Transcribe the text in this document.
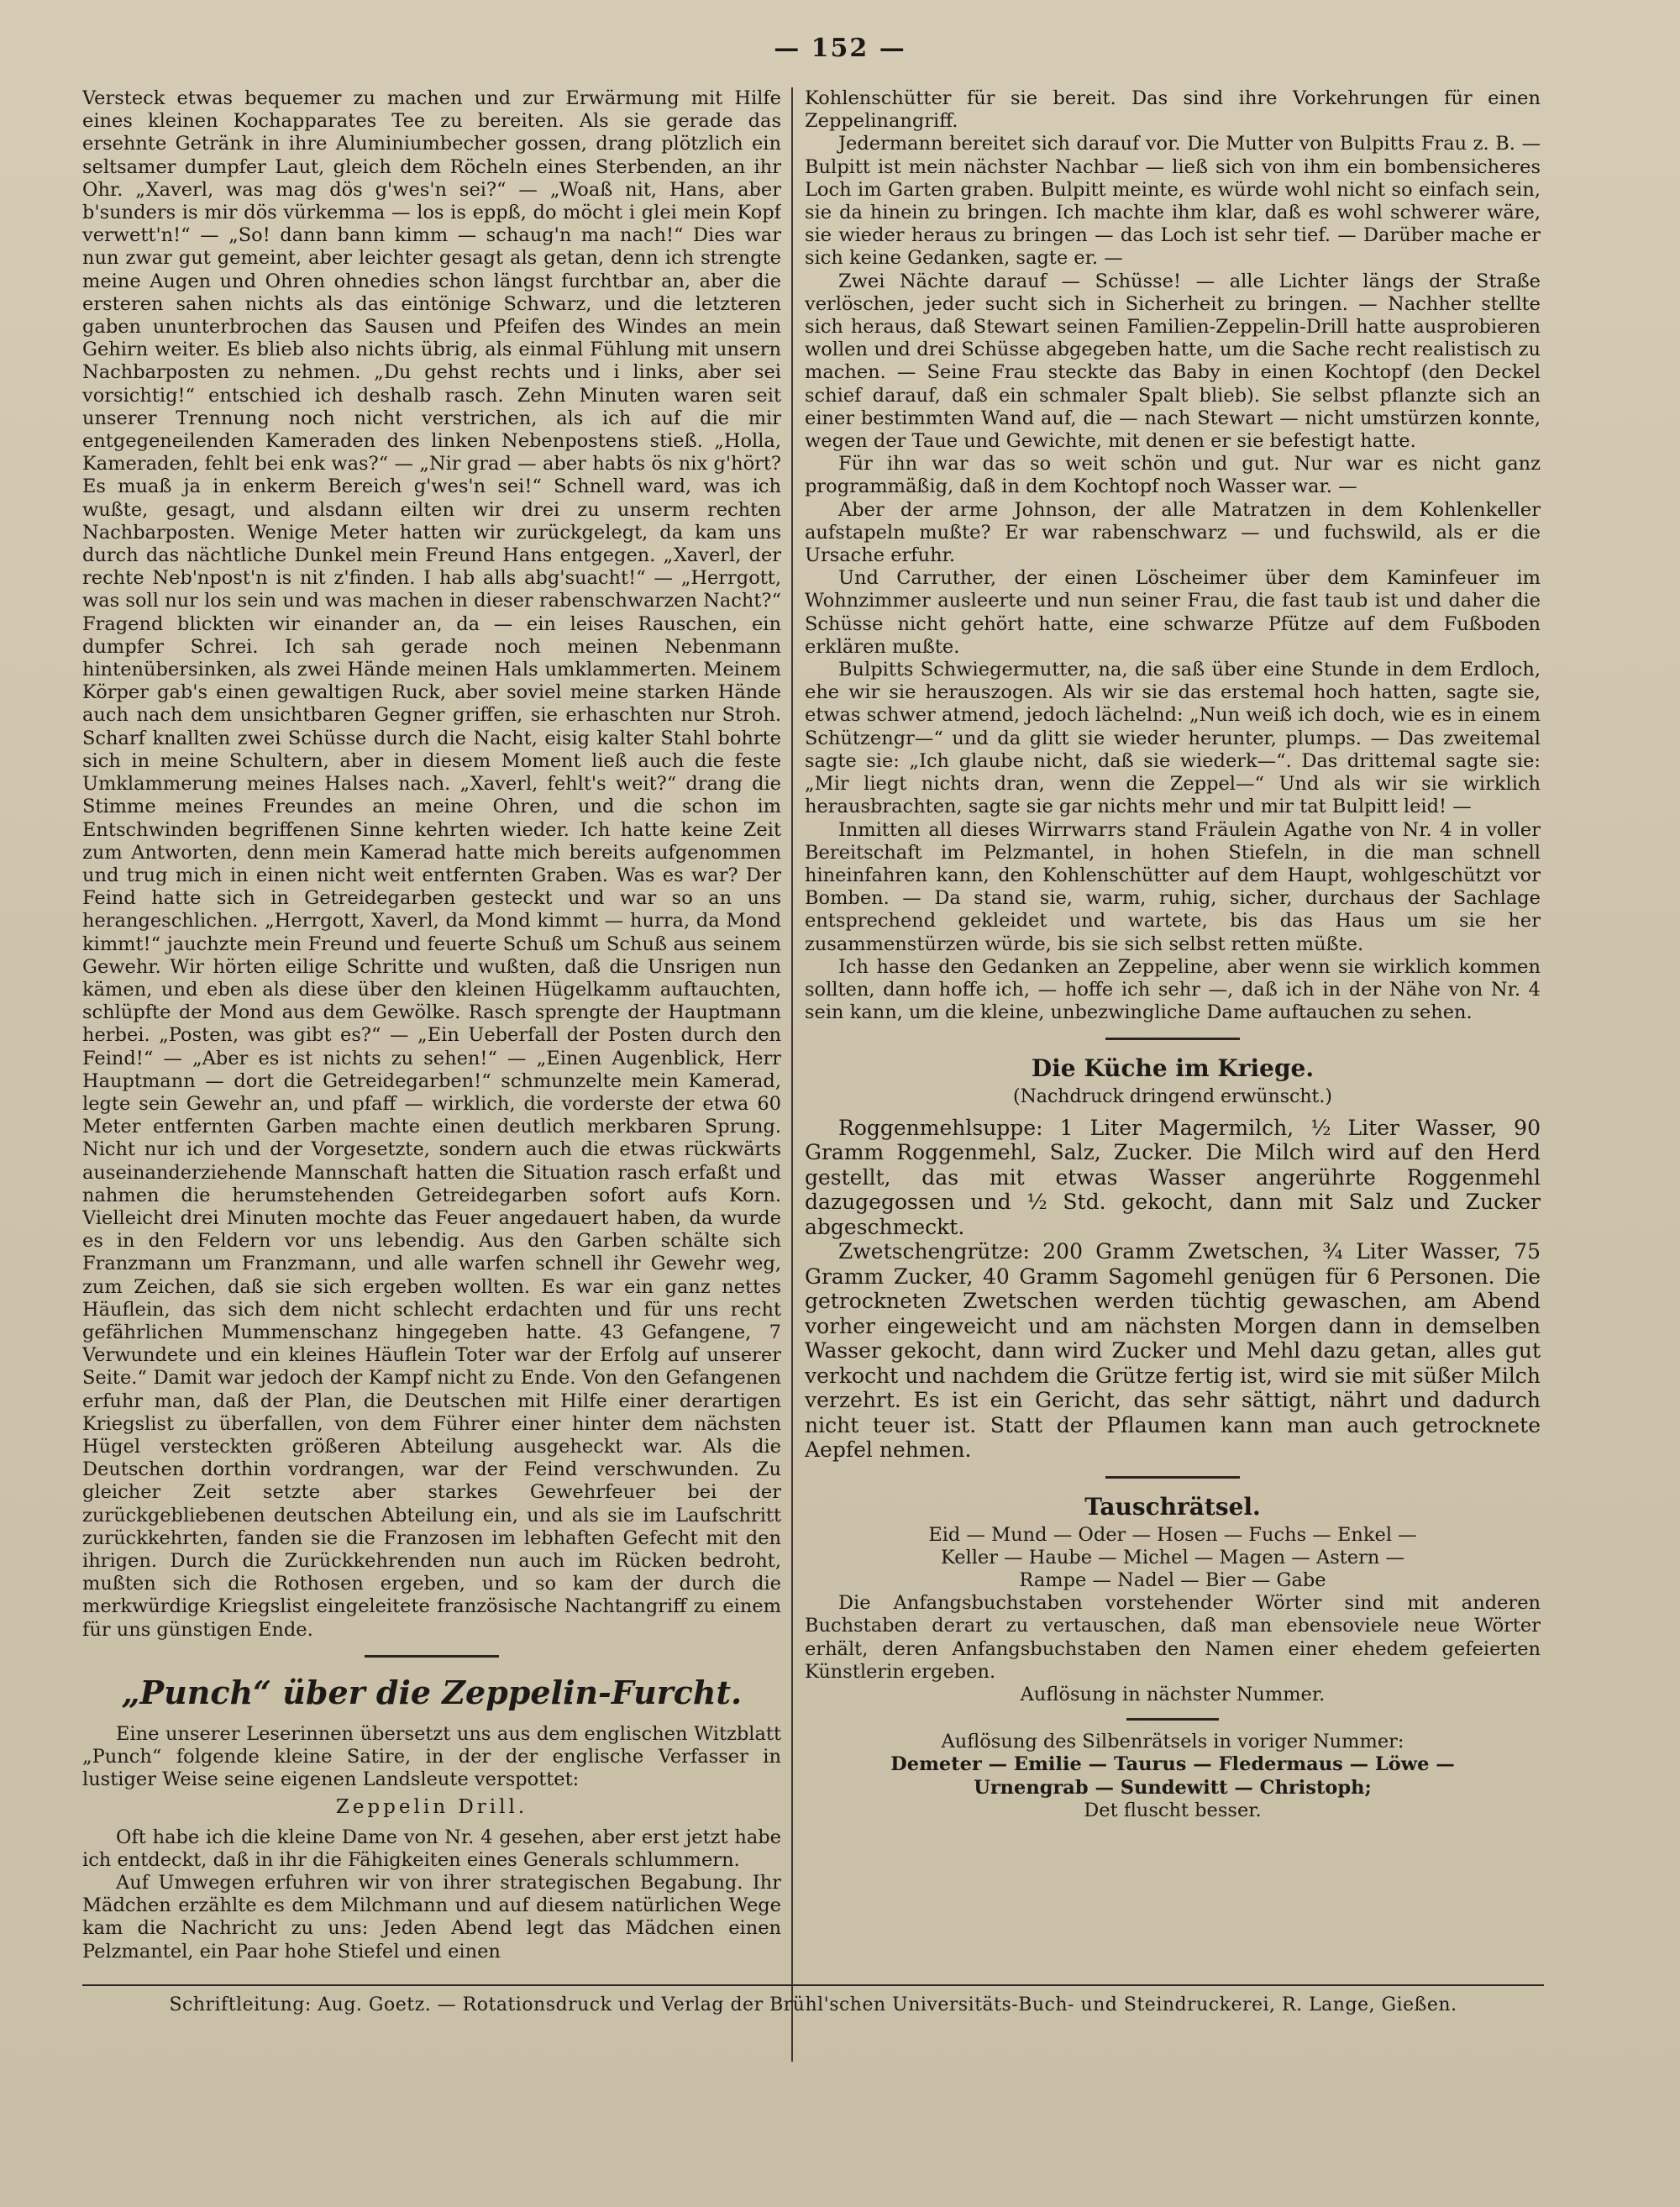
— 152 —

Versteck etwas bequemer zu machen und zur Erwärmung mit Hilfe eines kleinen Kochapparates Tee zu bereiten. Als sie gerade das ersehnte Getränk in ihre Aluminiumbecher gossen, drang plötzlich ein seltsamer dumpfer Laut, gleich dem Röcheln eines Sterbenden, an ihr Ohr. „Xaverl, was mag dös g'wes'n sei?“ — „Woaß nit, Hans, aber b'sunders is mir dös vürkemma — los is eppß, do möcht i glei mein Kopf verwett'n!“ — „So! dann bann kimm — schaug'n ma nach!“ Dies war nun zwar gut gemeint, aber leichter gesagt als getan, denn ich strengte meine Augen und Ohren ohnedies schon längst furchtbar an, aber die ersteren sahen nichts als das eintönige Schwarz, und die letzteren gaben ununterbrochen das Sausen und Pfeifen des Windes an mein Gehirn weiter. Es blieb also nichts übrig, als einmal Fühlung mit unsern Nachbarposten zu nehmen. „Du gehst rechts und i links, aber sei vorsichtig!“ entschied ich deshalb rasch. Zehn Minuten waren seit unserer Trennung noch nicht verstrichen, als ich auf die mir entgegeneilenden Kameraden des linken Nebenpostens stieß. „Holla, Kameraden, fehlt bei enk was?“ — „Nir grad — aber habts ös nix g'hört? Es muaß ja in enkerm Bereich g'wes'n sei!“ Schnell ward, was ich wußte, gesagt, und alsdann eilten wir drei zu unserm rechten Nachbarposten. Wenige Meter hatten wir zurückgelegt, da kam uns durch das nächtliche Dunkel mein Freund Hans entgegen. „Xaverl, der rechte Neb'npost'n is nit z'finden. I hab alls abg'suacht!“ — „Herrgott, was soll nur los sein und was machen in dieser rabenschwarzen Nacht?“ Fragend blickten wir einander an, da — ein leises Rauschen, ein dumpfer Schrei. Ich sah gerade noch meinen Nebenmann hintenübersinken, als zwei Hände meinen Hals umklammerten. Meinem Körper gab's einen gewaltigen Ruck, aber soviel meine starken Hände auch nach dem unsichtbaren Gegner griffen, sie erhaschten nur Stroh. Scharf knallten zwei Schüsse durch die Nacht, eisig kalter Stahl bohrte sich in meine Schultern, aber in diesem Moment ließ auch die feste Umklammerung meines Halses nach. „Xaverl, fehlt's weit?“ drang die Stimme meines Freundes an meine Ohren, und die schon im Entschwinden begriffenen Sinne kehrten wieder. Ich hatte keine Zeit zum Antworten, denn mein Kamerad hatte mich bereits aufgenommen und trug mich in einen nicht weit entfernten Graben. Was es war? Der Feind hatte sich in Getreidegarben gesteckt und war so an uns herangeschlichen. „Herrgott, Xaverl, da Mond kimmt — hurra, da Mond kimmt!“ jauchzte mein Freund und feuerte Schuß um Schuß aus seinem Gewehr. Wir hörten eilige Schritte und wußten, daß die Unsrigen nun kämen, und eben als diese über den kleinen Hügelkamm auftauchten, schlüpfte der Mond aus dem Gewölke. Rasch sprengte der Hauptmann herbei. „Posten, was gibt es?“ — „Ein Ueberfall der Posten durch den Feind!“ — „Aber es ist nichts zu sehen!“ — „Einen Augenblick, Herr Hauptmann — dort die Getreidegarben!“ schmunzelte mein Kamerad, legte sein Gewehr an, und pfaff — wirklich, die vorderste der etwa 60 Meter entfernten Garben machte einen deutlich merkbaren Sprung. Nicht nur ich und der Vorgesetzte, sondern auch die etwas rückwärts auseinanderziehende Mannschaft hatten die Situation rasch erfaßt und nahmen die herumstehenden Getreidegarben sofort aufs Korn. Vielleicht drei Minuten mochte das Feuer angedauert haben, da wurde es in den Feldern vor uns lebendig. Aus den Garben schälte sich Franzmann um Franzmann, und alle warfen schnell ihr Gewehr weg, zum Zeichen, daß sie sich ergeben wollten. Es war ein ganz nettes Häuflein, das sich dem nicht schlecht erdachten und für uns recht gefährlichen Mummenschanz hingegeben hatte. 43 Gefangene, 7 Verwundete und ein kleines Häuflein Toter war der Erfolg auf unserer Seite.“ Damit war jedoch der Kampf nicht zu Ende. Von den Gefangenen erfuhr man, daß der Plan, die Deutschen mit Hilfe einer derartigen Kriegslist zu überfallen, von dem Führer einer hinter dem nächsten Hügel versteckten größeren Abteilung ausgeheckt war. Als die Deutschen dorthin vordrangen, war der Feind verschwunden. Zu gleicher Zeit setzte aber starkes Gewehrfeuer bei der zurückgebliebenen deutschen Abteilung ein, und als sie im Laufschritt zurückkehrten, fanden sie die Franzosen im lebhaften Gefecht mit den ihrigen. Durch die Zurückkehrenden nun auch im Rücken bedroht, mußten sich die Rothosen ergeben, und so kam der durch die merkwürdige Kriegslist eingeleitete französische Nachtangriff zu einem für uns günstigen Ende.

„Punch“ über die Zeppelin-Furcht.

Eine unserer Leserinnen übersetzt uns aus dem englischen Witzblatt „Punch“ folgende kleine Satire, in der der englische Verfasser in lustiger Weise seine eigenen Landsleute verspottet:

Zeppelin Drill.

Oft habe ich die kleine Dame von Nr. 4 gesehen, aber erst jetzt habe ich entdeckt, daß in ihr die Fähigkeiten eines Generals schlummern.

Auf Umwegen erfuhren wir von ihrer strategischen Begabung. Ihr Mädchen erzählte es dem Milchmann und auf diesem natürlichen Wege kam die Nachricht zu uns: Jeden Abend legt das Mädchen einen Pelzmantel, ein Paar hohe Stiefel und einen

Kohlenschütter für sie bereit. Das sind ihre Vorkehrungen für einen Zeppelinangriff.

Jedermann bereitet sich darauf vor. Die Mutter von Bulpitts Frau z. B. — Bulpitt ist mein nächster Nachbar — ließ sich von ihm ein bombensicheres Loch im Garten graben. Bulpitt meinte, es würde wohl nicht so einfach sein, sie da hinein zu bringen. Ich machte ihm klar, daß es wohl schwerer wäre, sie wieder heraus zu bringen — das Loch ist sehr tief. — Darüber mache er sich keine Gedanken, sagte er. —

Zwei Nächte darauf — Schüsse! — alle Lichter längs der Straße verlöschen, jeder sucht sich in Sicherheit zu bringen. — Nachher stellte sich heraus, daß Stewart seinen Familien-Zeppelin-Drill hatte ausprobieren wollen und drei Schüsse abgegeben hatte, um die Sache recht realistisch zu machen. — Seine Frau steckte das Baby in einen Kochtopf (den Deckel schief darauf, daß ein schmaler Spalt blieb). Sie selbst pflanzte sich an einer bestimmten Wand auf, die — nach Stewart — nicht umstürzen konnte, wegen der Taue und Gewichte, mit denen er sie befestigt hatte.

Für ihn war das so weit schön und gut. Nur war es nicht ganz programmäßig, daß in dem Kochtopf noch Wasser war. —

Aber der arme Johnson, der alle Matratzen in dem Kohlenkeller aufstapeln mußte? Er war rabenschwarz — und fuchswild, als er die Ursache erfuhr.

Und Carruther, der einen Löscheimer über dem Kaminfeuer im Wohnzimmer ausleerte und nun seiner Frau, die fast taub ist und daher die Schüsse nicht gehört hatte, eine schwarze Pfütze auf dem Fußboden erklären mußte.

Bulpitts Schwiegermutter, na, die saß über eine Stunde in dem Erdloch, ehe wir sie herauszogen. Als wir sie das erstemal hoch hatten, sagte sie, etwas schwer atmend, jedoch lächelnd: „Nun weiß ich doch, wie es in einem Schützengr—“ und da glitt sie wieder herunter, plumps. — Das zweitemal sagte sie: „Ich glaube nicht, daß sie wiederk—“. Das drittemal sagte sie: „Mir liegt nichts dran, wenn die Zeppel—“ Und als wir sie wirklich herausbrachten, sagte sie gar nichts mehr und mir tat Bulpitt leid! —

Inmitten all dieses Wirrwarrs stand Fräulein Agathe von Nr. 4 in voller Bereitschaft im Pelzmantel, in hohen Stiefeln, in die man schnell hineinfahren kann, den Kohlenschütter auf dem Haupt, wohlgeschützt vor Bomben. — Da stand sie, warm, ruhig, sicher, durchaus der Sachlage entsprechend gekleidet und wartete, bis das Haus um sie her zusammenstürzen würde, bis sie sich selbst retten müßte.

Ich hasse den Gedanken an Zeppeline, aber wenn sie wirklich kommen sollten, dann hoffe ich, — hoffe ich sehr —, daß ich in der Nähe von Nr. 4 sein kann, um die kleine, unbezwingliche Dame auftauchen zu sehen.

Die Küche im Kriege.
(Nachdruck dringend erwünscht.)

Roggenmehlsuppe: 1 Liter Magermilch, ½ Liter Wasser, 90 Gramm Roggenmehl, Salz, Zucker. Die Milch wird auf den Herd gestellt, das mit etwas Wasser angerührte Roggenmehl dazugegossen und ½ Std. gekocht, dann mit Salz und Zucker abgeschmeckt.

Zwetschengrütze: 200 Gramm Zwetschen, ¾ Liter Wasser, 75 Gramm Zucker, 40 Gramm Sagomehl genügen für 6 Personen. Die getrockneten Zwetschen werden tüchtig gewaschen, am Abend vorher eingeweicht und am nächsten Morgen dann in demselben Wasser gekocht, dann wird Zucker und Mehl dazu getan, alles gut verkocht und nachdem die Grütze fertig ist, wird sie mit süßer Milch verzehrt. Es ist ein Gericht, das sehr sättigt, nährt und dadurch nicht teuer ist. Statt der Pflaumen kann man auch getrocknete Aepfel nehmen.

Tauschrätsel.

Eid — Mund — Oder — Hosen — Fuchs — Enkel —

Keller — Haube — Michel — Magen — Astern —

Rampe — Nadel — Bier — Gabe

Die Anfangsbuchstaben vorstehender Wörter sind mit anderen Buchstaben derart zu vertauschen, daß man ebensoviele neue Wörter erhält, deren Anfangsbuchstaben den Namen einer ehedem gefeierten Künstlerin ergeben.

Auflösung in nächster Nummer.

Auflösung des Silbenrätsels in voriger Nummer:

Demeter — Emilie — Taurus — Fledermaus — Löwe —

Urnengrab — Sundewitt — Christoph;

Det fluscht besser.

Schriftleitung: Aug. Goetz. — Rotationsdruck und Verlag der Brühl'schen Universitäts-Buch- und Steindruckerei, R. Lange, Gießen.
